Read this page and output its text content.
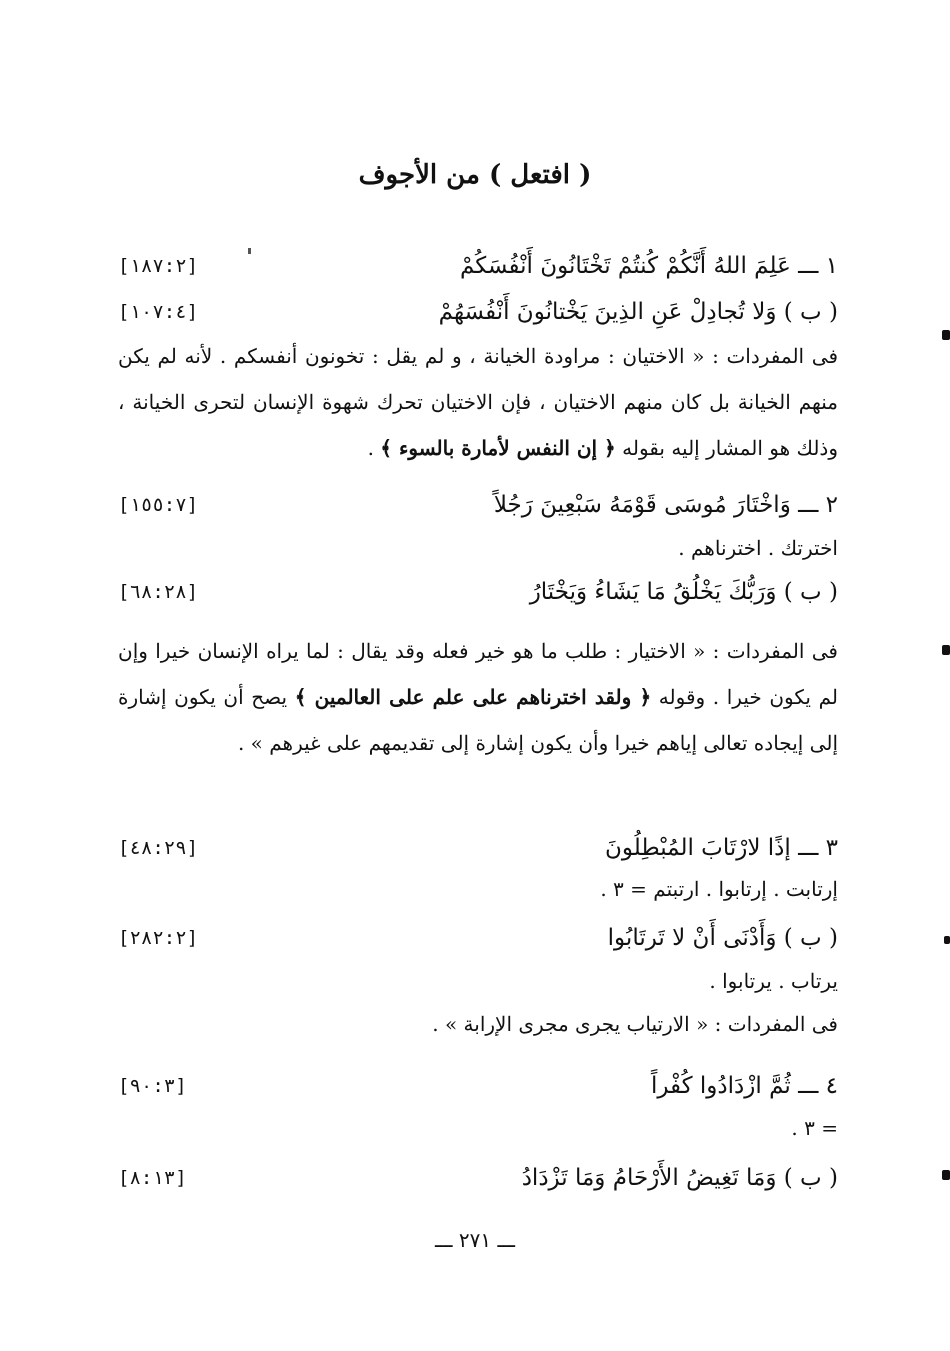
( افتعل ) من الأجوف
١ ـــ عَلِمَ اللهُ أَنَّكُمْ كُنتُمْ تَخْتَانُونَ أَنْفُسَكُمْ
[١٨٧:٢]
( ب ) وَلا تُجادِلْ عَنِ الذِينَ يَخْتانُونَ أَنْفُسَهُمْ
[١٠٧:٤]

فى المفردات : « الاختيان : مراودة الخيانة ، و لم يقل : تخونون أنفسكم . لأنه لم يكن منهم الخيانة بل كان منهم الاختيان ، فإن الاختيان تحرك شهوة الإنسان لتحرى الخيانة ، وذلك هو المشار إليه بقوله ﴿ إن النفس لأمارة بالسوء ﴾ .

٢ ـــ وَاخْتَارَ مُوسَى قَوْمَهُ سَبْعِينَ رَجُلاً
[١٥٥:٧]
اخترتك . اخترناهم .
( ب ) وَرَبُّكَ يَخْلُقُ مَا يَشَاءُ وَيَخْتَارُ
[٦٨:٢٨]

فى المفردات : « الاختيار : طلب ما هو خير فعله وقد يقال : لما يراه الإنسان خيرا وإن لم يكون خيرا . وقوله ﴿ ولقد اخترناهم على علم على العالمين ﴾ يصح أن يكون إشارة إلى إيجاده تعالى إياهم خيرا وأن يكون إشارة إلى تقديمهم على غيرهم » .

٣ ـــ إذًا لارْتَابَ المُبْطِلُونَ
[٤٨:٢٩]
إرتابت . إرتابوا . ارتبتم = ٣ .
( ب ) وَأَدْنَى أَنْ لا تَرتَابُوا
[٢٨٢:٢]
يرتاب . يرتابوا .
فى المفردات : « الارتياب يجرى مجرى الإرابة » .
٤ ـــ ثُمَّ ازْدَادُوا كُفْراً
[٩٠:٣]
= ٣ .
( ب ) وَمَا تَغِيضُ الأَرْحَامُ وَمَا تَزْدَادُ
[٨:١٣]
ـــ ٢٧١ ـــ
